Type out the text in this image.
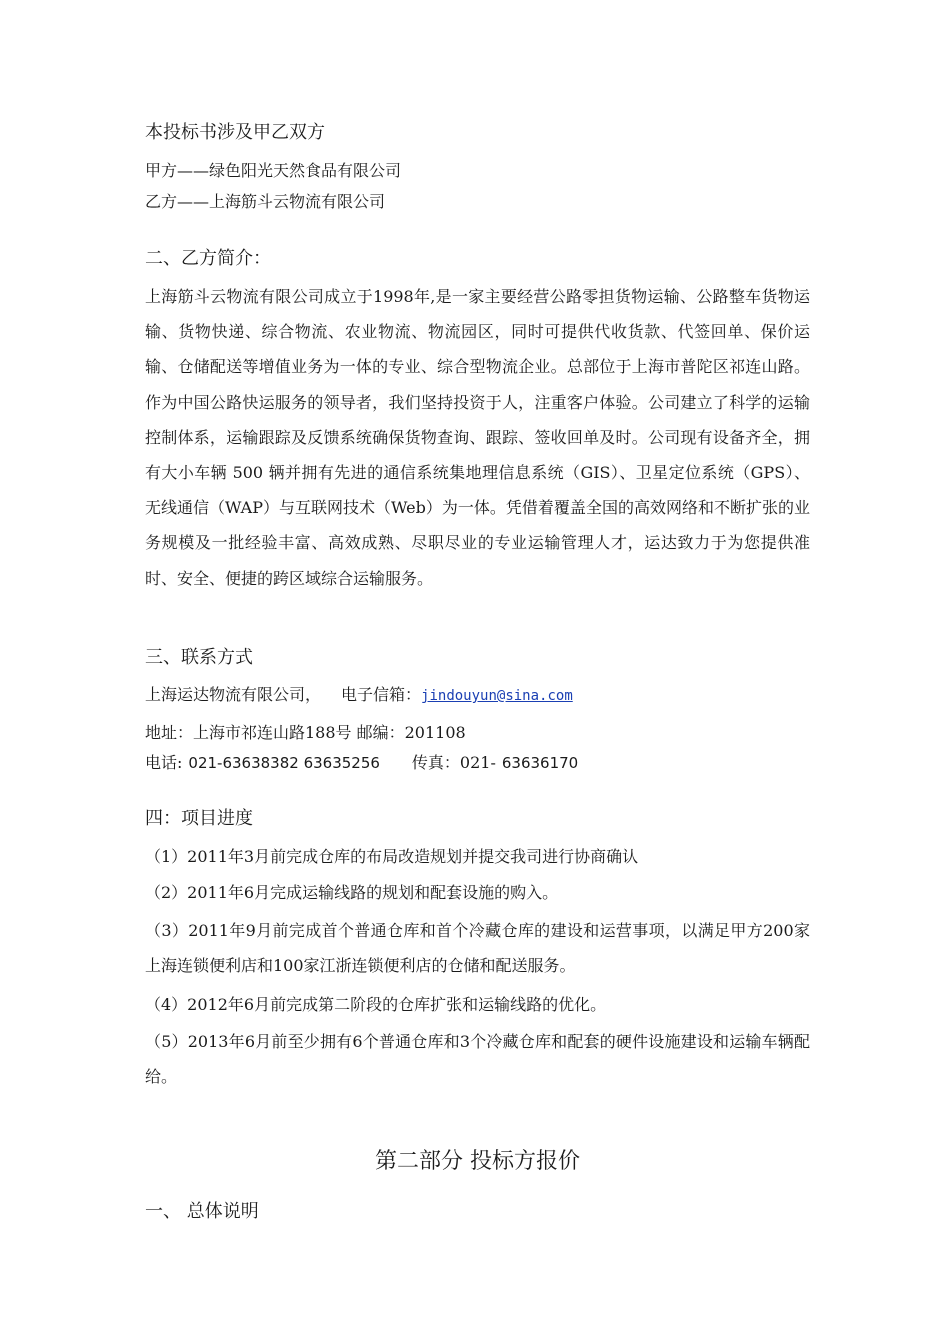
本投标书涉及甲乙双方
甲方——绿色阳光天然食品有限公司
乙方——上海筋斗云物流有限公司
二、乙方简介：
上海筋斗云物流有限公司成立于1998年,是一家主要经营公路零担货物运输、公路整车货物运输、货物快递、综合物流、农业物流、物流园区，同时可提供代收货款、代签回单、保价运输、仓储配送等增值业务为一体的专业、综合型物流企业。总部位于上海市普陀区祁连山路。作为中国公路快运服务的领导者，我们坚持投资于人，注重客户体验。公司建立了科学的运输控制体系，运输跟踪及反馈系统确保货物查询、跟踪、签收回单及时。公司现有设备齐全，拥有大小车辆 500 辆并拥有先进的通信系统集地理信息系统（GIS）、卫星定位系统（GPS）、无线通信（WAP）与互联网技术（Web）为一体。凭借着覆盖全国的高效网络和不断扩张的业务规模及一批经验丰富、高效成熟、尽职尽业的专业运输管理人才，运达致力于为您提供准时、安全、便捷的跨区域综合运输服务。
三、联系方式
上海运达物流有限公司， 电子信箱：jindouyun@sina.com
地址：上海市祁连山路188号 邮编：201108
电话: 021-63638382 63635256 传真：021- 63636170
四：项目进度
（1）2011年3月前完成仓库的布局改造规划并提交我司进行协商确认
（2）2011年6月完成运输线路的规划和配套设施的购入。
（3）2011年9月前完成首个普通仓库和首个冷藏仓库的建设和运营事项，以满足甲方200家上海连锁便利店和100家江浙连锁便利店的仓储和配送服务。
（4）2012年6月前完成第二阶段的仓库扩张和运输线路的优化。
（5）2013年6月前至少拥有6个普通仓库和3个冷藏仓库和配套的硬件设施建设和运输车辆配给。
第二部分 投标方报价
一、 总体说明
